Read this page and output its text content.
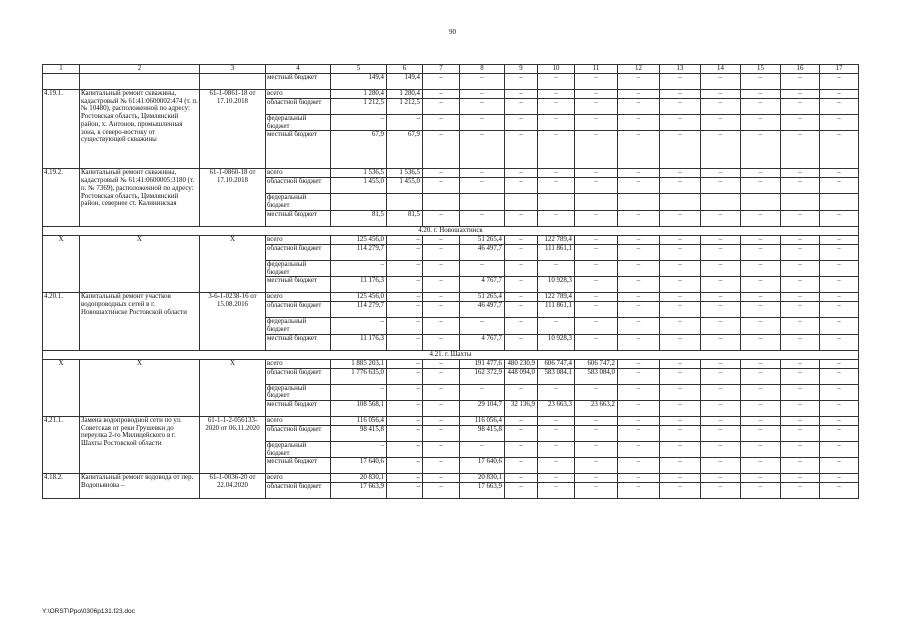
90
1	2	3	4	5	6	7	8	9	10	11	12	13	14	15	16	17
			местный бюджет	149,4	149,4	–	–	–	–	–	–	–	–	–	–	–
4.19.1.	Капитальный ремонт скважины, кадастровый № 61:41:0600002:474 (т. п. № 10480), расположенной по адресу: Ростовская область, Цимлянский район, х. Антонов, промышленная зона, к северо-востоку от существующей скважины	61-1-0861-18 от 17.10.2018	всего	1 280,4	1 280,4	–	–	–	–	–	–	–	–	–	–	–
			областной бюджет	1 212,5	1 212,5	–	–	–	–	–	–	–	–	–	–	–
			федеральный бюджет	–	–	–	–	–	–	–	–	–	–	–	–	–
			местный бюджет	67,9	67,9	–	–	–	–	–	–	–	–	–	–	–
4.19.2.	Капитальный ремонт скважины, кадастровый № 61:41:0600005:3180 (т. п. № 7369), расположенной по адресу: Ростовская область, Цимлянский район, севернее ст. Калининская	61-1-0860-18 от 17.10.2018	всего	1 536,5	1 536,5	–	–	–	–	–	–	–	–	–	–	–
			областной бюджет	1 455,0	1 455,0	–	–	–	–	–	–	–	–	–	–	–
			федеральный бюджет													
			местный бюджет	81,5	81,5	–	–	–	–	–	–	–	–	–	–	–
4.20. г. Новошахтинск																
Х	Х	Х	всего	125 456,0	–	–	51 265,4	–	122 789,4	–	–	–	–	–	–	–
			областной бюджет	114 279,7	–	–	46 497,7	–	111 861,1	–	–	–	–	–	–	–
			федеральный бюджет	–	–	–	–	–	–	–	–	–	–	–	–	–
			местный бюджет	11 176,3	–	–	4 767,7	–	10 928,3	–	–	–	–	–	–	–
4.20.1.	Капитальный ремонт участков водопроводных сетей в г. Новошахтинске Ростовской области	3-6-1-0238-16 от 15.08.2016	всего	125 456,0	–	–	51 265,4	–	122 789,4	–	–	–	–	–	–	–
			областной бюджет	114 279,7	–	–	46 497,7	–	111 861,1	–	–	–	–	–	–	–
			федеральный бюджет	–	–	–	–	–	–	–	–	–	–	–	–	–
			местный бюджет	11 176,3	–	–	4 767,7	–	10 928,3	–	–	–	–	–	–	–
4.21. г. Шахты																
Х	Х	Х	всего	1 885 203,1	–	–	191 477,6	480 230,9	606 747,4	606 747,2	–	–	–	–	–	–
			областной бюджет	1 776 635,0	–	–	162 372,9	448 094,0	583 084,1	583 084,0	–	–	–	–	–	–
			федеральный бюджет	–	–	–	–	–	–	–	–	–	–	–	–	–
			местный бюджет	108 568,1	–	–	29 104,7	32 136,9	23 663,3	23 663,2	–	–	–	–	–	–
4.21.1.	Замена водопроводной сети по ул. Советская от реки Грушевки до переулка 2-го Милицейского в г. Шахты Ростовской области	61-1-1-2-056133-2020 от 06.11.2020	всего	116 056,4	–	–	116 056,4	–	–	–	–	–	–	–	–	–
			областной бюджет	98 415,8	–	–	98 415,8	–	–	–	–	–	–	–	–	–
			федеральный бюджет	–	–	–	–	–	–	–	–	–	–	–	–	–
			местный бюджет	17 640,6	–	–	17 640,6	–	–	–	–	–	–	–	–	–
4.18.2.	Капитальный ремонт водовода от пер. Водопьянова –	61-1-0036-20 от 22.04.2020	всего	20 830,1	–	–	20 830,1	–	–	–	–	–	–	–	–	–
			областной бюджет	17 663,9	–	–	17 663,9	–	–	–	–	–	–	–	–	–
Y:\ORST\Ppo\0306p131.f23.doc
